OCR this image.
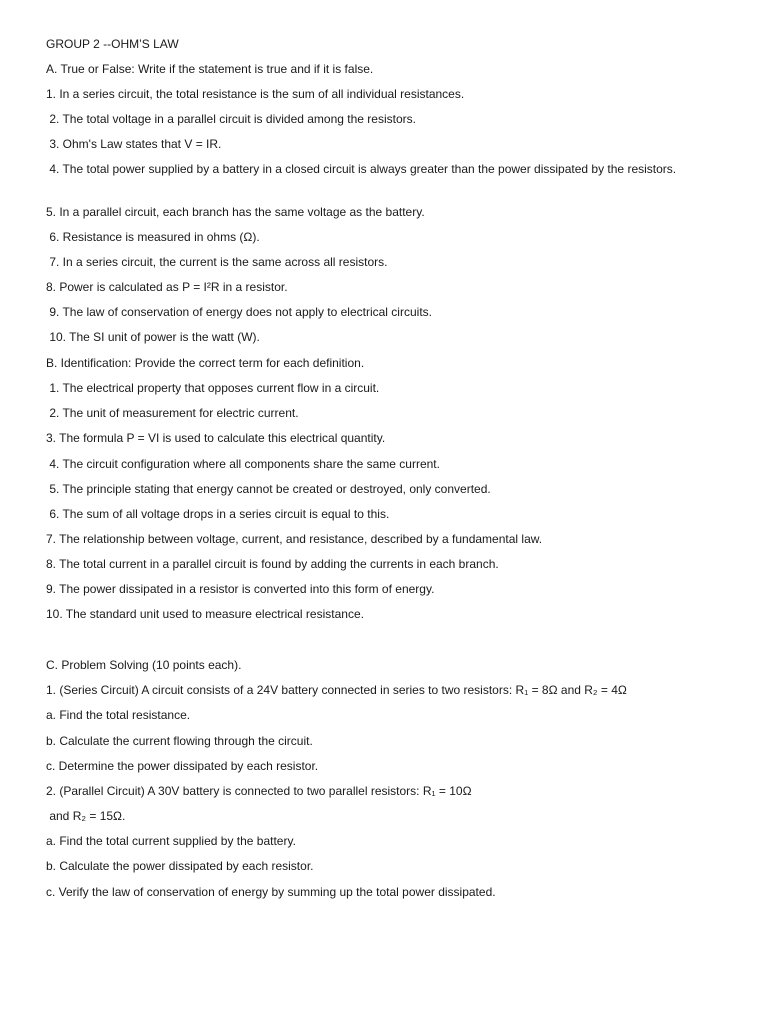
GROUP 2 --OHM’S LAW
A. True or False: Write if the statement is true and if it is false.
1. In a series circuit, the total resistance is the sum of all individual resistances.
2. The total voltage in a parallel circuit is divided among the resistors.
3. Ohm's Law states that V = IR.
4. The total power supplied by a battery in a closed circuit is always greater than the power dissipated by the resistors.
5. In a parallel circuit, each branch has the same voltage as the battery.
6. Resistance is measured in ohms (Ω).
7. In a series circuit, the current is the same across all resistors.
8. Power is calculated as P = I²R in a resistor.
9. The law of conservation of energy does not apply to electrical circuits.
10. The SI unit of power is the watt (W).
B. Identification: Provide the correct term for each definition.
1. The electrical property that opposes current flow in a circuit.
2. The unit of measurement for electric current.
3. The formula P = VI is used to calculate this electrical quantity.
4. The circuit configuration where all components share the same current.
5. The principle stating that energy cannot be created or destroyed, only converted.
6. The sum of all voltage drops in a series circuit is equal to this.
7. The relationship between voltage, current, and resistance, described by a fundamental law.
8. The total current in a parallel circuit is found by adding the currents in each branch.
9. The power dissipated in a resistor is converted into this form of energy.
10. The standard unit used to measure electrical resistance.
C. Problem Solving (10 points each).
1. (Series Circuit) A circuit consists of a 24V battery connected in series to two resistors: R₁ = 8Ω and R₂ = 4Ω
a. Find the total resistance.
b. Calculate the current flowing through the circuit.
c. Determine the power dissipated by each resistor.
2. (Parallel Circuit) A 30V battery is connected to two parallel resistors: R₁ = 10Ω
and R₂ = 15Ω.
a. Find the total current supplied by the battery.
b. Calculate the power dissipated by each resistor.
c. Verify the law of conservation of energy by summing up the total power dissipated.
